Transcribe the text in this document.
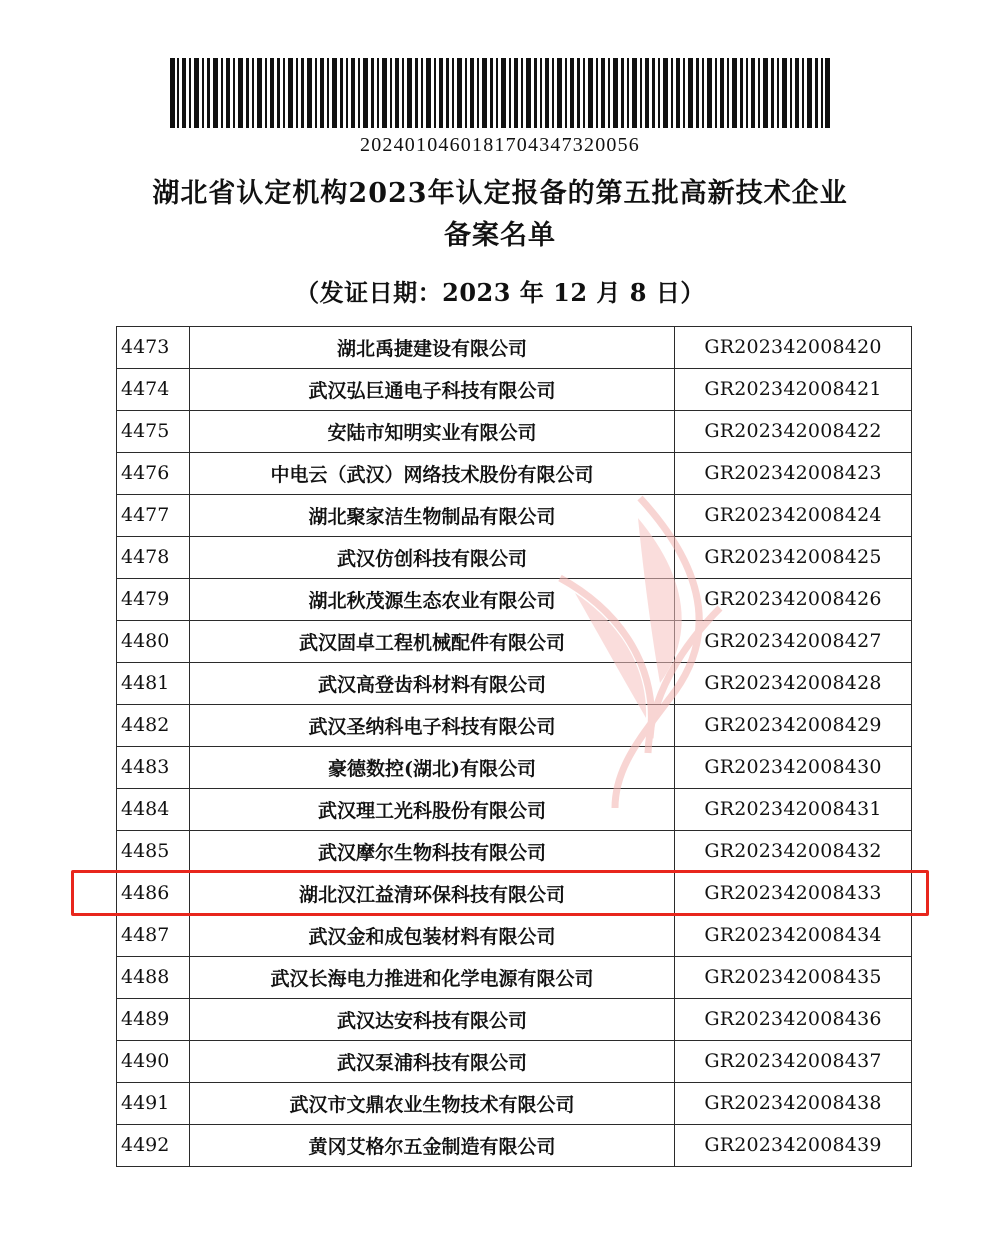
2024010460181704347320056
湖北省认定机构2023年认定报备的第五批高新技术企业
备案名单
（发证日期：2023 年 12 月 8 日）
4473	湖北禹捷建设有限公司	GR202342008420
4474	武汉弘巨通电子科技有限公司	GR202342008421
4475	安陆市知明实业有限公司	GR202342008422
4476	中电云（武汉）网络技术股份有限公司	GR202342008423
4477	湖北聚家洁生物制品有限公司	GR202342008424
4478	武汉仿创科技有限公司	GR202342008425
4479	湖北秋茂源生态农业有限公司	GR202342008426
4480	武汉固卓工程机械配件有限公司	GR202342008427
4481	武汉高登齿科材料有限公司	GR202342008428
4482	武汉圣纳科电子科技有限公司	GR202342008429
4483	豪德数控(湖北)有限公司	GR202342008430
4484	武汉理工光科股份有限公司	GR202342008431
4485	武汉摩尔生物科技有限公司	GR202342008432
4486	湖北汉江益清环保科技有限公司	GR202342008433
4487	武汉金和成包装材料有限公司	GR202342008434
4488	武汉长海电力推进和化学电源有限公司	GR202342008435
4489	武汉达安科技有限公司	GR202342008436
4490	武汉泵浦科技有限公司	GR202342008437
4491	武汉市文鼎农业生物技术有限公司	GR202342008438
4492	黄冈艾格尔五金制造有限公司	GR202342008439
